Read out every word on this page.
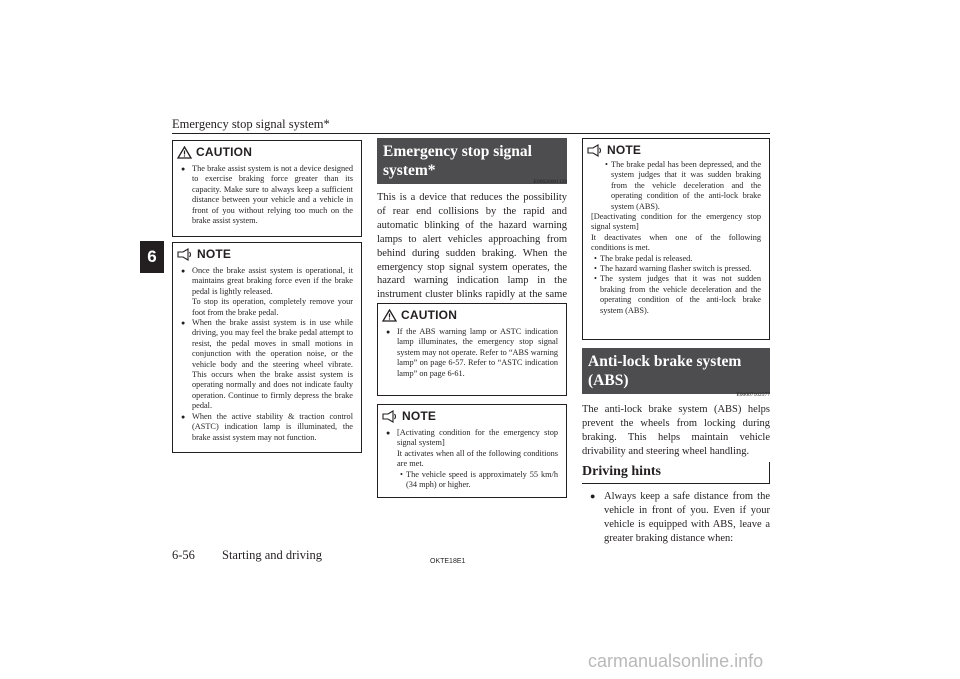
Emergency stop signal system*
6
CAUTION
● The brake assist system is not a device designed to exercise braking force greater than its capacity. Make sure to always keep a sufficient distance between your vehicle and a vehicle in front of you without relying too much on the brake assist system.
NOTE
● Once the brake assist system is operational, it maintains great braking force even if the brake pedal is lightly released.
To stop its operation, completely remove your foot from the brake pedal.
● When the brake assist system is in use while driving, you may feel the brake pedal attempt to resist, the pedal moves in small motions in conjunction with the operation noise, or the vehicle body and the steering wheel vibrate. This occurs when the brake assist system is operating normally and does not indicate faulty operation. Continue to firmly depress the brake pedal.
● When the active stability & traction control (ASTC) indication lamp is illuminated, the brake assist system may not function.
Emergency stop signal system*
E00626001129
This is a device that reduces the possibility of rear end collisions by the rapid and automatic blinking of the hazard warning lamps to alert vehicles approaching from behind during sudden braking. When the emergency stop signal system operates, the hazard warning indication lamp in the instrument cluster blinks rapidly at the same
CAUTION
● If the ABS warning lamp or ASTC indication lamp illuminates, the emergency stop signal system may not operate. Refer to “ABS warning lamp” on page 6-57. Refer to “ASTC indication lamp” on page 6-61.
NOTE
● [Activating condition for the emergency stop signal system]
It activates when all of the following conditions are met.
• The vehicle speed is approximately 55 km/h (34 mph) or higher.
NOTE
• The brake pedal has been depressed, and the system judges that it was sudden braking from the vehicle deceleration and the operating condition of the anti-lock brake system (ABS).
[Deactivating condition for the emergency stop signal system]
It deactivates when one of the following conditions is met.
• The brake pedal is released.
• The hazard warning flasher switch is pressed.
• The system judges that it was not sudden braking from the vehicle deceleration and the operating condition of the anti-lock brake system (ABS).
Anti-lock brake system (ABS)
E00607102577
The anti-lock brake system (ABS) helps prevent the wheels from locking during braking. This helps maintain vehicle drivability and steering wheel handling.
Driving hints
● Always keep a safe distance from the vehicle in front of you. Even if your vehicle is equipped with ABS, leave a greater braking distance when:
6-56 Starting and driving	OKTE18E1
carmanualsonline.info
